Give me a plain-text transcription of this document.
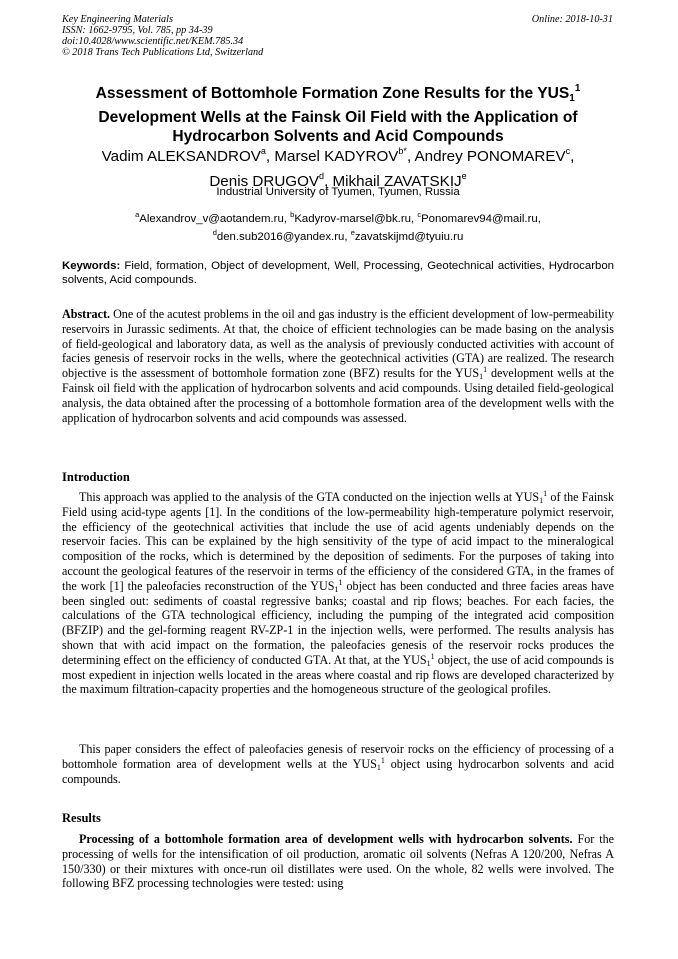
Key Engineering Materials
ISSN: 1662-9795, Vol. 785, pp 34-39
doi:10.4028/www.scientific.net/KEM.785.34
© 2018 Trans Tech Publications Ltd, Switzerland
Online: 2018-10-31
Assessment of Bottomhole Formation Zone Results for the $YUS_1^1$
Development Wells at the Fainsk Oil Field with the Application of
Hydrocarbon Solvents and Acid Compounds
Vadim ALEKSANDROV$^a$, Marsel $KADYROV^{b*}$, Andrey PONOMAREV$^c$,
Denis DRUGOV$^d$, Mikhail ZAVATSKIJ$^e$
Industrial University of Tyumen, Tyumen, Russia
$^a$Alexandrov_v@aotandem.ru, $^b$Kadyrov-marsel@bk.ru, $^c$Ponomarev94@mail.ru,
$^d$den.sub2016@yandex.ru, $^e$zavatskijmd@tyuiu.ru
Keywords: Field, formation, Object of development, Well, Processing, Geotechnical activities, Hydrocarbon solvents, Acid compounds.
Abstract. One of the acutest problems in the oil and gas industry is the efficient development of low-permeability reservoirs in Jurassic sediments. At that, the choice of efficient technologies can be made basing on the analysis of field-geological and laboratory data, as well as the analysis of previously conducted activities with account of facies genesis of reservoir rocks in the wells, where the geotechnical activities (GTA) are realized. The research objective is the assessment of bottomhole formation zone (BFZ) results for the $YUS_1^1$ development wells at the Fainsk oil field with the application of hydrocarbon solvents and acid compounds. Using detailed field-geological analysis, the data obtained after the processing of a bottomhole formation area of the development wells with the application of hydrocarbon solvents and acid compounds was assessed.
Introduction
This approach was applied to the analysis of the GTA conducted on the injection wells at $YUS_1^1$ of the Fainsk Field using acid-type agents [1]. In the conditions of the low-permeability high-temperature polymict reservoir, the efficiency of the geotechnical activities that include the use of acid agents undeniably depends on the reservoir facies. This can be explained by the high sensitivity of the type of acid impact to the mineralogical composition of the rocks, which is determined by the deposition of sediments. For the purposes of taking into account the geological features of the reservoir in terms of the efficiency of the considered GTA, in the frames of the work [1] the paleofacies reconstruction of the $YUS_1^1$ object has been conducted and three facies areas have been singled out: sediments of coastal regressive banks; coastal and rip flows; beaches. For each facies, the calculations of the GTA technological efficiency, including the pumping of the integrated acid composition (BFZIP) and the gel-forming reagent RV-ZP-1 in the injection wells, were performed. The results analysis has shown that with acid impact on the formation, the paleofacies genesis of the reservoir rocks produces the determining effect on the efficiency of conducted GTA. At that, at the $YUS_1^1$ object, the use of acid compounds is most expedient in injection wells located in the areas where coastal and rip flows are developed characterized by the maximum filtration-capacity properties and the homogeneous structure of the geological profiles.
This paper considers the effect of paleofacies genesis of reservoir rocks on the efficiency of processing of a bottomhole formation area of development wells at the $YUS_1^1$ object using hydrocarbon solvents and acid compounds.
Results
Processing of a bottomhole formation area of development wells with hydrocarbon solvents. For the processing of wells for the intensification of oil production, aromatic oil solvents (Nefras A 120/200, Nefras A 150/330) or their mixtures with once-run oil distillates were used. On the whole, 82 wells were involved. The following BFZ processing technologies were tested: using
